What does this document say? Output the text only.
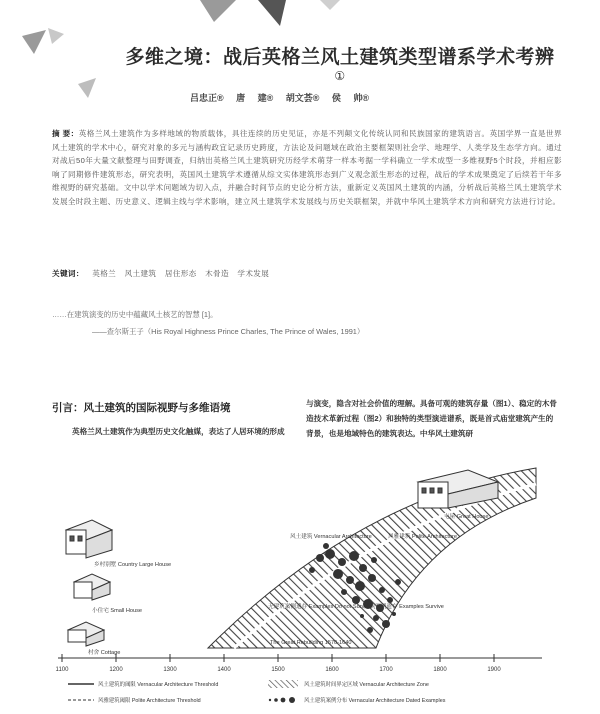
多维之境：战后英格兰风土建筑类型谱系学术考辨①
吕忠正® 唐 建® 胡文荟® 侯 帅®
摘 要：英格兰风土建筑作为多样地域的物质载体，具往连续的历史见证，亦是不列颠文化传统认同和民族国家的建筑语言。英国学界一直是世界风土建筑的学术中心，研究对象的多元与涵构政宜记录历史跨度，方法论及问题域在政治主要框架则社会学、地理学、人类学及生态学方向。通过对战后50年大量文献整理与田野调查，归纳出英格兰风土建筑研究历经学术萌芽一样本考据一学科确立一学术成型一多维视野5个时段，并相应影响了同期修件建筑形态，研究表明，英国风土建筑学术遵循从综文实体建筑形态到广义观念派生形态的过程，战后的学术成果奠定了后续若干年多维视野的研究基础。文中以学术问题域为切入点，并融合时间节点的史论分析方法，重新定义英国风土建筑的内涵，分析战后英格兰风土建筑学术发展全时段主题、历史意义、逻辑主线与学术影响，建立风土建筑学术发展线与历史关联框架，并就中华风土建筑学术方向和研究方法进行讨论。
关键词： 英格兰 风土建筑 居住形态 木骨造 学术发展
……在建筑演变的历史中蕴藏风土核艺的智慧 [1]。
——查尔斯王子（His Royal Highness Prince Charles, The Prince of Wales, 1991）
引言：风土建筑的国际视野与多维语境
英格兰风土建筑作为典型历史文化触媒，表达了人居环境的形成
与演变，隐含对社会价值的理解。具备可观的建筑存量（图1）、稳定的木骨造技术革新过程（图2）和独特的类型演进谱系，既是首式庙堂建筑产生的背景，也是地域特色的建筑表达。中华风土建筑研
屯屋 Great House
风雅建筑 Polite Architecture
风土建筑 Vernacular Architecture
乡村别墅 Country Large House
小住宅 Small House
村舍 Cottage
无建筑案例遗存 Examples Do not Survive
建筑案例遗存 Examples Survive
The Great Rebuilding 1570-1640
1100	1200	1300	1400	1500	1600	1700	1800	1900
风土建筑的阈限 Vernacular Architecture Threshold	风土建筑时间界定区域 Vernacular Architecture Zone
风雅建筑阈限 Polite Architecture Threshold	风土建筑案例分布 Vernacular Architecture Dated Examples
